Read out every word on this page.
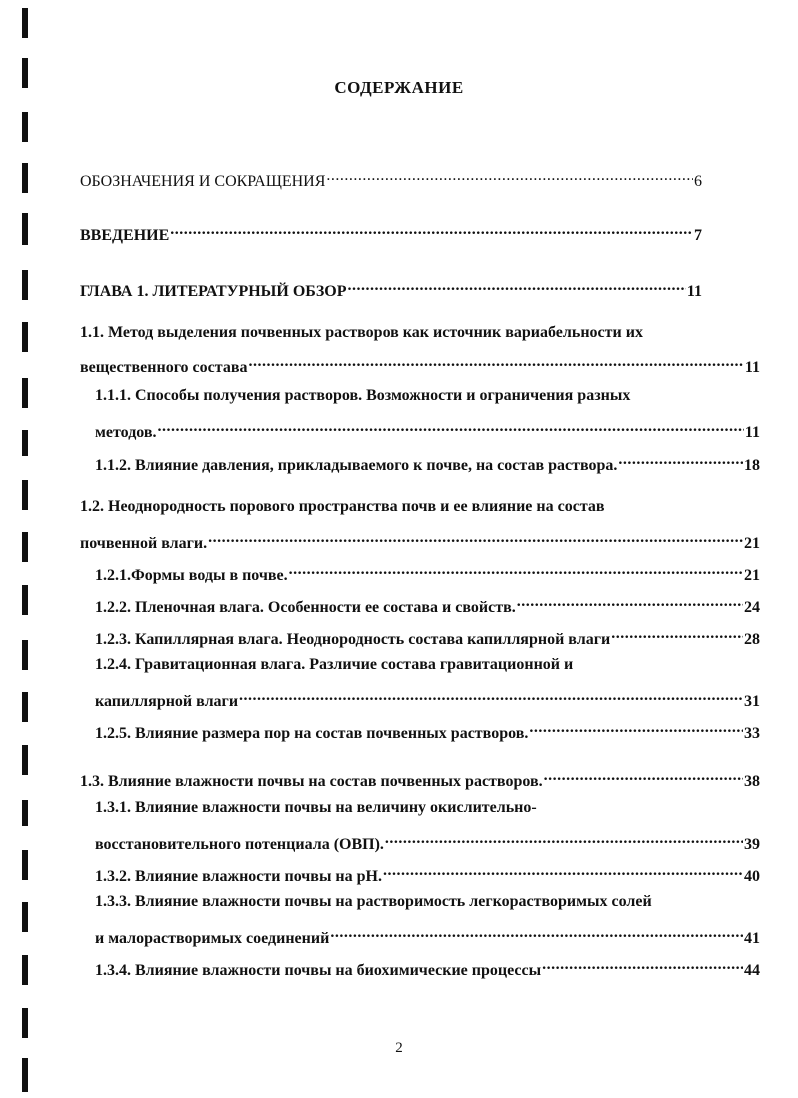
СОДЕРЖАНИЕ
ОБОЗНАЧЕНИЯ И СОКРАЩЕНИЯ .....	6
ВВЕДЕНИЕ .....	7
ГЛАВА 1. ЛИТЕРАТУРНЫЙ ОБЗОР .....	11
1.1. Метод выделения почвенных растворов как источник вариабельности их
вещественного состава .....	11
1.1.1. Способы получения растворов. Возможности и ограничения разных
методов. .....	11
1.1.2. Влияние давления, прикладываемого к почве, на состав раствора. .....	18
1.2. Неоднородность порового пространства почв и ее влияние на состав
почвенной влаги. .....	21
1.2.1.Формы воды в почве. .....	21
1.2.2. Пленочная влага. Особенности ее состава и свойств. .....	24
1.2.3. Капиллярная влага. Неоднородность состава капиллярной влаги .....	28
1.2.4. Гравитационная влага. Различие состава гравитационной и
капиллярной влаги .....	31
1.2.5. Влияние размера пор на состав почвенных растворов. .....	33
1.3. Влияние влажности почвы на состав почвенных растворов. .....	38
1.3.1. Влияние влажности почвы на величину окислительно-
восстановительного потенциала (ОВП). .....	39
1.3.2. Влияние влажности почвы на рН. .....	40
1.3.3. Влияние влажности почвы на растворимость легкорастворимых солей
и малорастворимых соединений .....	41
1.3.4. Влияние влажности почвы на биохимические процессы .....	44
2
